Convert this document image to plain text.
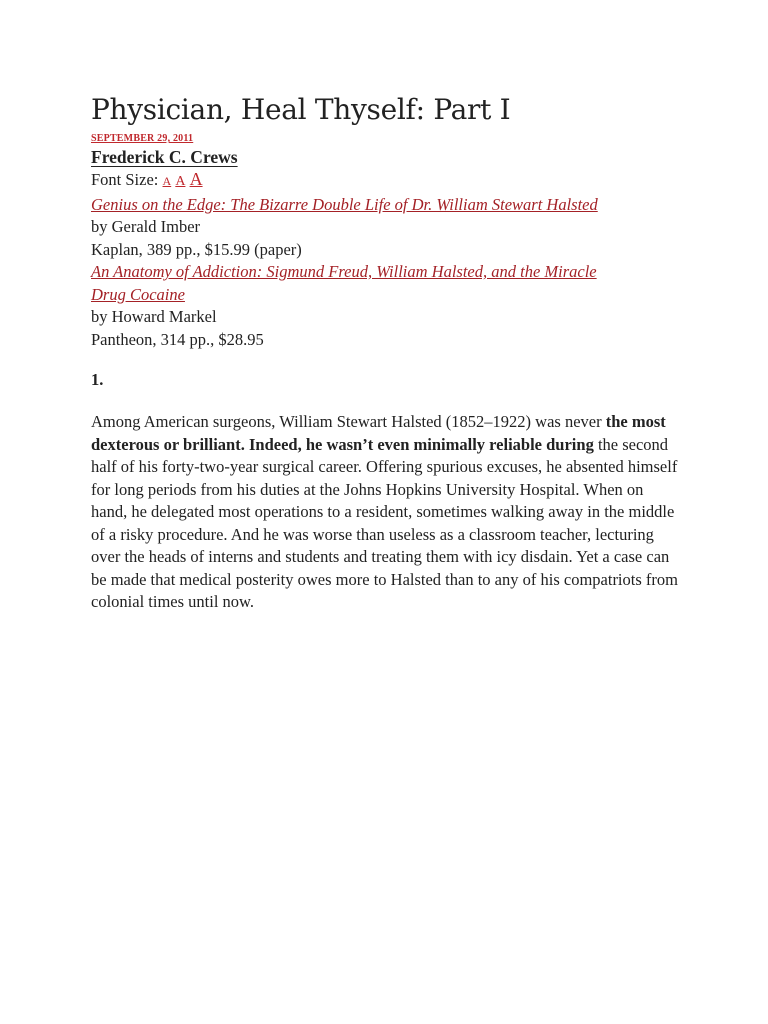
Physician, Heal Thyself: Part I
SEPTEMBER 29, 2011
Frederick C. Crews
Font Size: A A A
Genius on the Edge: The Bizarre Double Life of Dr. William Stewart Halsted
by Gerald Imber
Kaplan, 389 pp., $15.99 (paper)
An Anatomy of Addiction: Sigmund Freud, William Halsted, and the Miracle
Drug Cocaine
by Howard Markel
Pantheon, 314 pp., $28.95
1.

Among American surgeons, William Stewart Halsted (1852–1922) was never the most dexterous or brilliant. Indeed, he wasn’t even minimally reliable during the second half of his forty-two-year surgical career. Offering spurious excuses, he absented himself for long periods from his duties at the Johns Hopkins University Hospital. When on hand, he delegated most operations to a resident, sometimes walking away in the middle of a risky procedure. And he was worse than useless as a classroom teacher, lecturing over the heads of interns and students and treating them with icy disdain. Yet a case can be made that medical posterity owes more to Halsted than to any of his compatriots from colonial times until now.
